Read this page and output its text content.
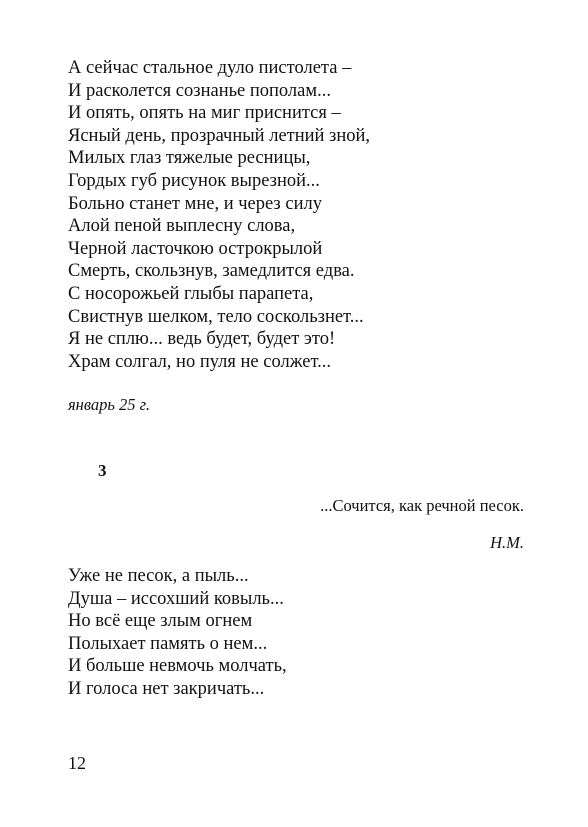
А сейчас стальное дуло пистолета –
И расколется сознанье пополам...
И опять, опять на миг приснится –
Ясный день, прозрачный летний зной,
Милых глаз тяжелые ресницы,
Гордых губ рисунок вырезной...
Больно станет мне, и через силу
Алой пеной выплесну слова,
Черной ласточкою острокрылой
Смерть, скользнув, замедлится едва.
С носорожьей глыбы парапета,
Свистнув шелком, тело соскользнет...
Я не сплю... ведь будет, будет это!
Храм солгал, но пуля не солжет...
январь 25 г.
3
...Сочится, как речной песок.
Н.М.
Уже не песок, а пыль...
Душа – иссохший ковыль...
Но всё еще злым огнем
Полыхает память о нем...
И больше невмочь молчать,
И голоса нет закричать...
12
